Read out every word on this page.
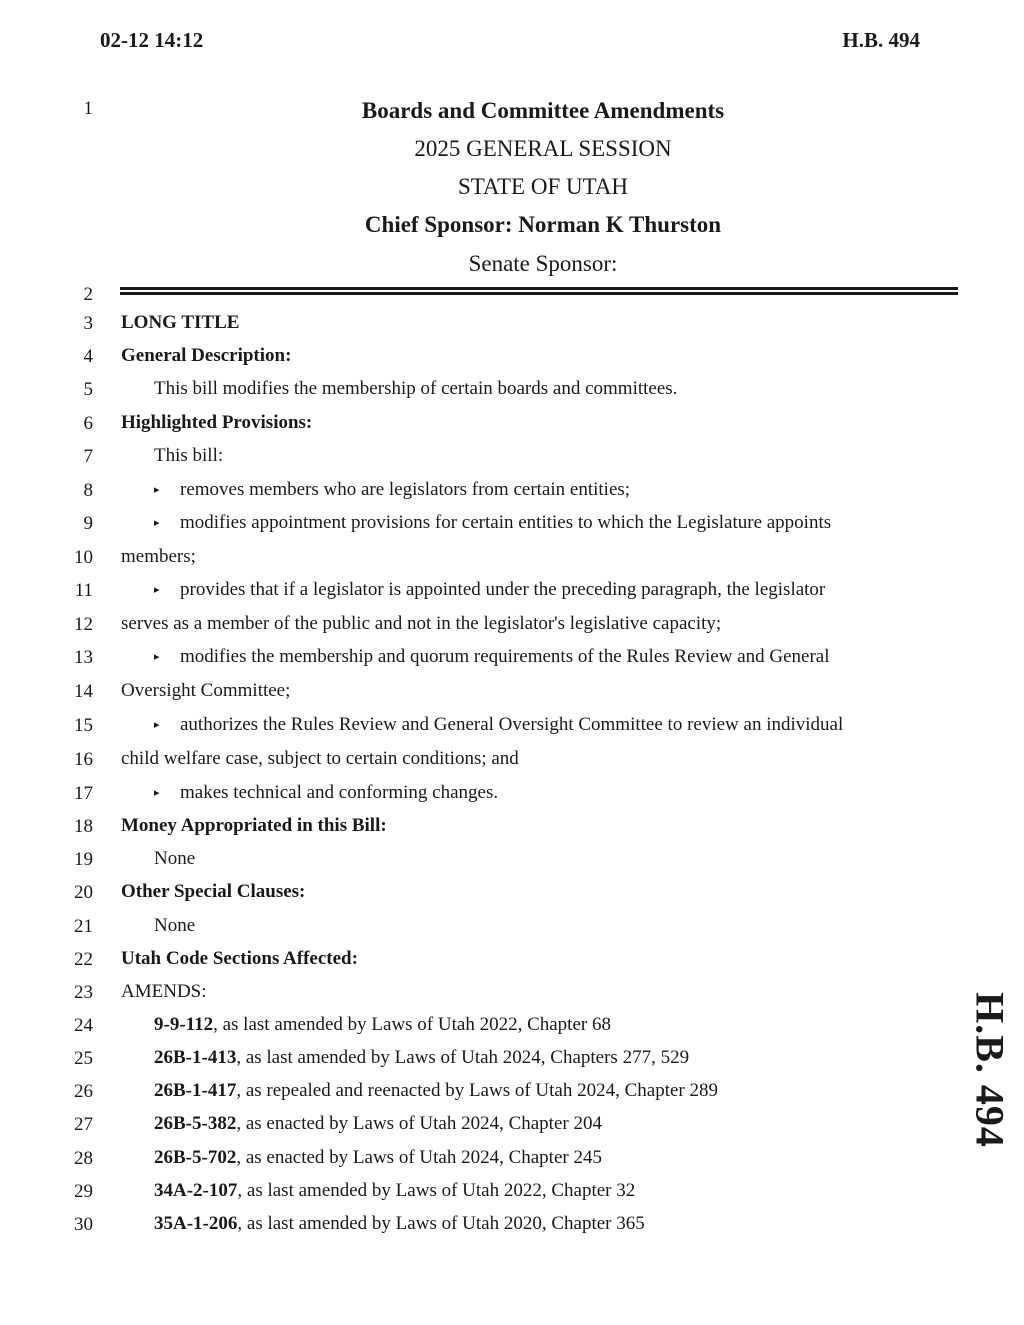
02-12 14:12	H.B. 494
1
2
3
4
5
6
7
8
9
10
11
12
13
14
15
16
17
18
19
20
21
22
23
24
25
26
27
28
29
30
Boards and Committee Amendments
2025 GENERAL SESSION
STATE OF UTAH
Chief Sponsor: Norman K Thurston
Senate Sponsor:
LONG TITLE
General Description:
This bill modifies the membership of certain boards and committees.
Highlighted Provisions:
This bill:
▸ removes members who are legislators from certain entities;
▸ modifies appointment provisions for certain entities to which the Legislature appoints
members;
▸ provides that if a legislator is appointed under the preceding paragraph, the legislator
serves as a member of the public and not in the legislator's legislative capacity;
▸ modifies the membership and quorum requirements of the Rules Review and General
Oversight Committee;
▸ authorizes the Rules Review and General Oversight Committee to review an individual
child welfare case, subject to certain conditions; and
▸ makes technical and conforming changes.
Money Appropriated in this Bill:
None
Other Special Clauses:
None
Utah Code Sections Affected:
AMENDS:
9-9-112, as last amended by Laws of Utah 2022, Chapter 68
26B-1-413, as last amended by Laws of Utah 2024, Chapters 277, 529
26B-1-417, as repealed and reenacted by Laws of Utah 2024, Chapter 289
26B-5-382, as enacted by Laws of Utah 2024, Chapter 204
26B-5-702, as enacted by Laws of Utah 2024, Chapter 245
34A-2-107, as last amended by Laws of Utah 2022, Chapter 32
35A-1-206, as last amended by Laws of Utah 2020, Chapter 365
H.B. 494
